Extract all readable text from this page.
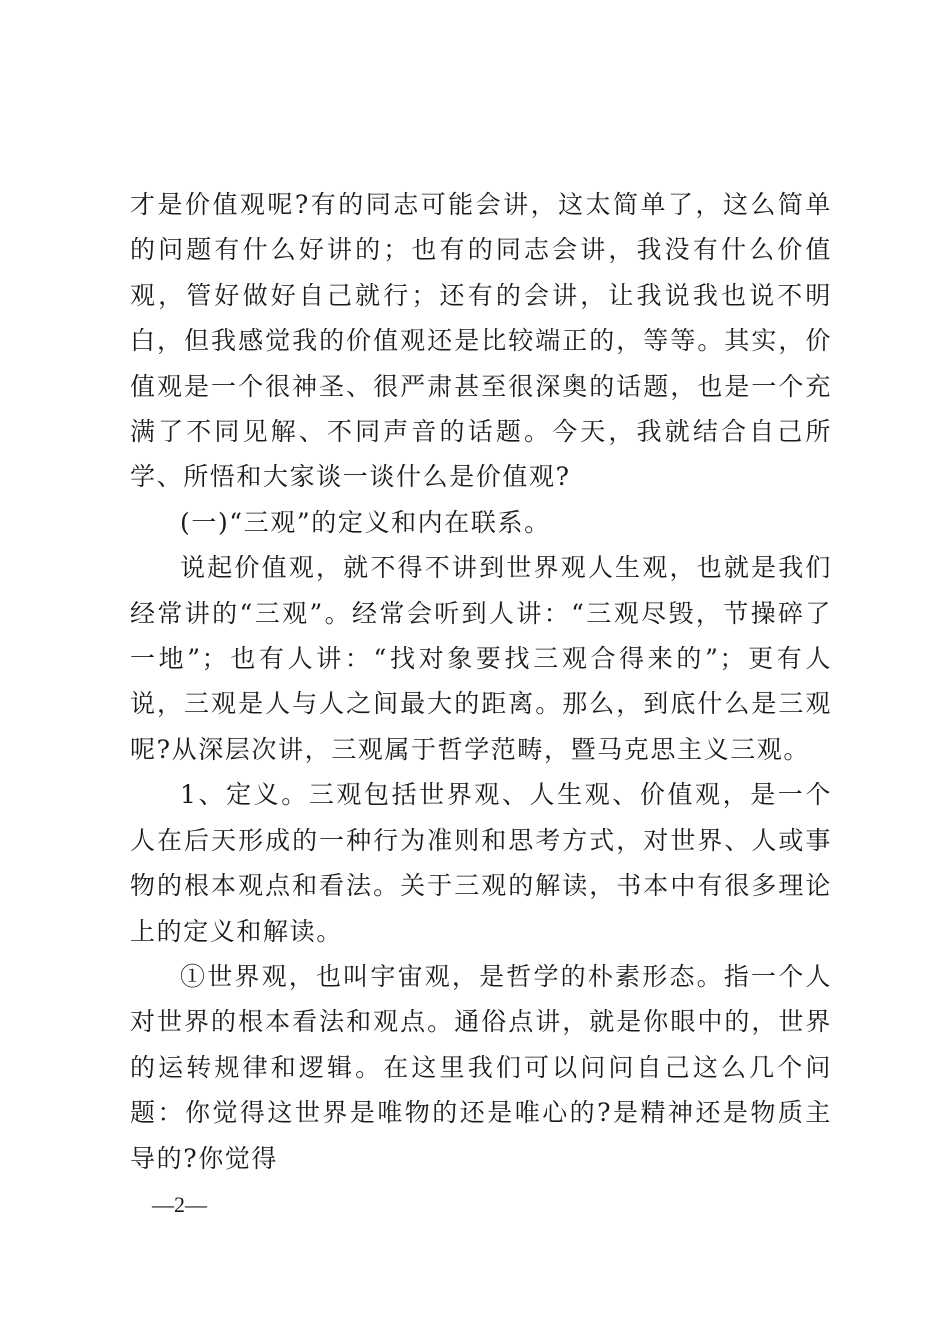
才是价值观呢?有的同志可能会讲，这太简单了，这么简单的问题有什么好讲的；也有的同志会讲，我没有什么价值观，管好做好自己就行；还有的会讲，让我说我也说不明白，但我感觉我的价值观还是比较端正的，等等。其实，价值观是一个很神圣、很严肃甚至很深奥的话题，也是一个充满了不同见解、不同声音的话题。今天，我就结合自己所学、所悟和大家谈一谈什么是价值观?

(一)“三观”的定义和内在联系。

说起价值观，就不得不讲到世界观人生观，也就是我们经常讲的“三观”。经常会听到人讲：“三观尽毁，节操碎了一地”；也有人讲：“找对象要找三观合得来的”；更有人说，三观是人与人之间最大的距离。那么，到底什么是三观呢?从深层次讲，三观属于哲学范畴，暨马克思主义三观。

1、定义。三观包括世界观、人生观、价值观，是一个人在后天形成的一种行为准则和思考方式，对世界、人或事物的根本观点和看法。关于三观的解读，书本中有很多理论上的定义和解读。

①世界观，也叫宇宙观，是哲学的朴素形态。指一个人对世界的根本看法和观点。通俗点讲，就是你眼中的，世界的运转规律和逻辑。在这里我们可以问问自己这么几个问题：你觉得这世界是唯物的还是唯心的?是精神还是物质主导的?你觉得

—2—
